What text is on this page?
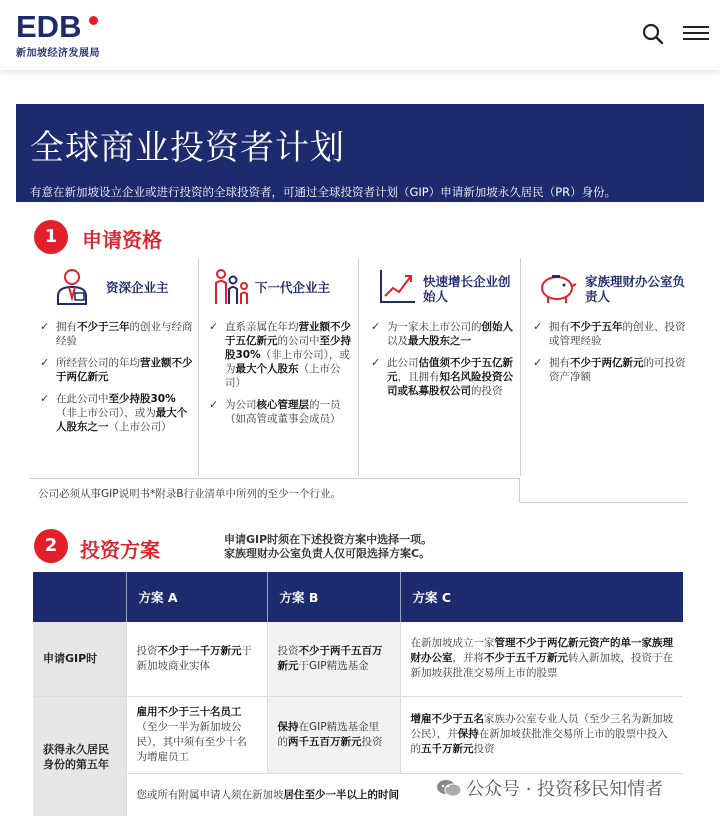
EDB
新加坡经济发展局
全球商业投资者计划

有意在新加坡设立企业或进行投资的全球投资者，可通过全球投资者计划（GIP）申请新加坡永久居民（PR）身份。

1	申请资格
资深企业主
✓ 拥有不少于三年的创业与经商经验
✓ 所经营公司的年均营业额不少于两亿新元
✓ 在此公司中至少持股30%（非上市公司），或为最大个人股东之一（上市公司）
下一代企业主
✓ 直系亲属在年均营业额不少于五亿新元的公司中至少持股30%（非上市公司），或为最大个人股东（上市公司）
✓ 为公司核心管理层的一员（如高管或董事会成员）
快速增长企业创始人
✓ 为一家未上市公司的创始人以及最大股东之一
✓ 此公司估值须不少于五亿新元，且拥有知名风险投资公司或私募股权公司的投资
家族理财办公室负责人
✓ 拥有不少于五年的创业、投资或管理经验
✓ 拥有不少于两亿新元的可投资资产净额
公司必须从事GIP说明书*附录B行业清单中所列的至少一个行业。
2	投资方案	申请GIP时须在下述投资方案中选择一项。
家族理财办公室负责人仅可限选择方案C。
	方案 A	方案 B	方案 C
申请GIP时	投资不少于一千万新元于新加坡商业实体	投资不少于两千五百万新元于GIP精选基金	在新加坡成立一家管理不少于两亿新元资产的单一家族理财办公室，并将不少于五千万新元转入新加坡，投资于在新加坡获批准交易所上市的股票
获得永久居民身份的第五年	雇用不少于三十名员工（至少一半为新加坡公民），其中须有至少十名为增雇员工	保持在GIP精选基金里的两千五百万新元投资	增雇不少于五名家族办公室专业人员（至少三名为新加坡公民），并保持在新加坡获批准交易所上市的股票中投入的五千万新元投资
	您或所有附属申请人须在新加坡居住至少一半以上的时间			公众号 · 投资移民知情者
